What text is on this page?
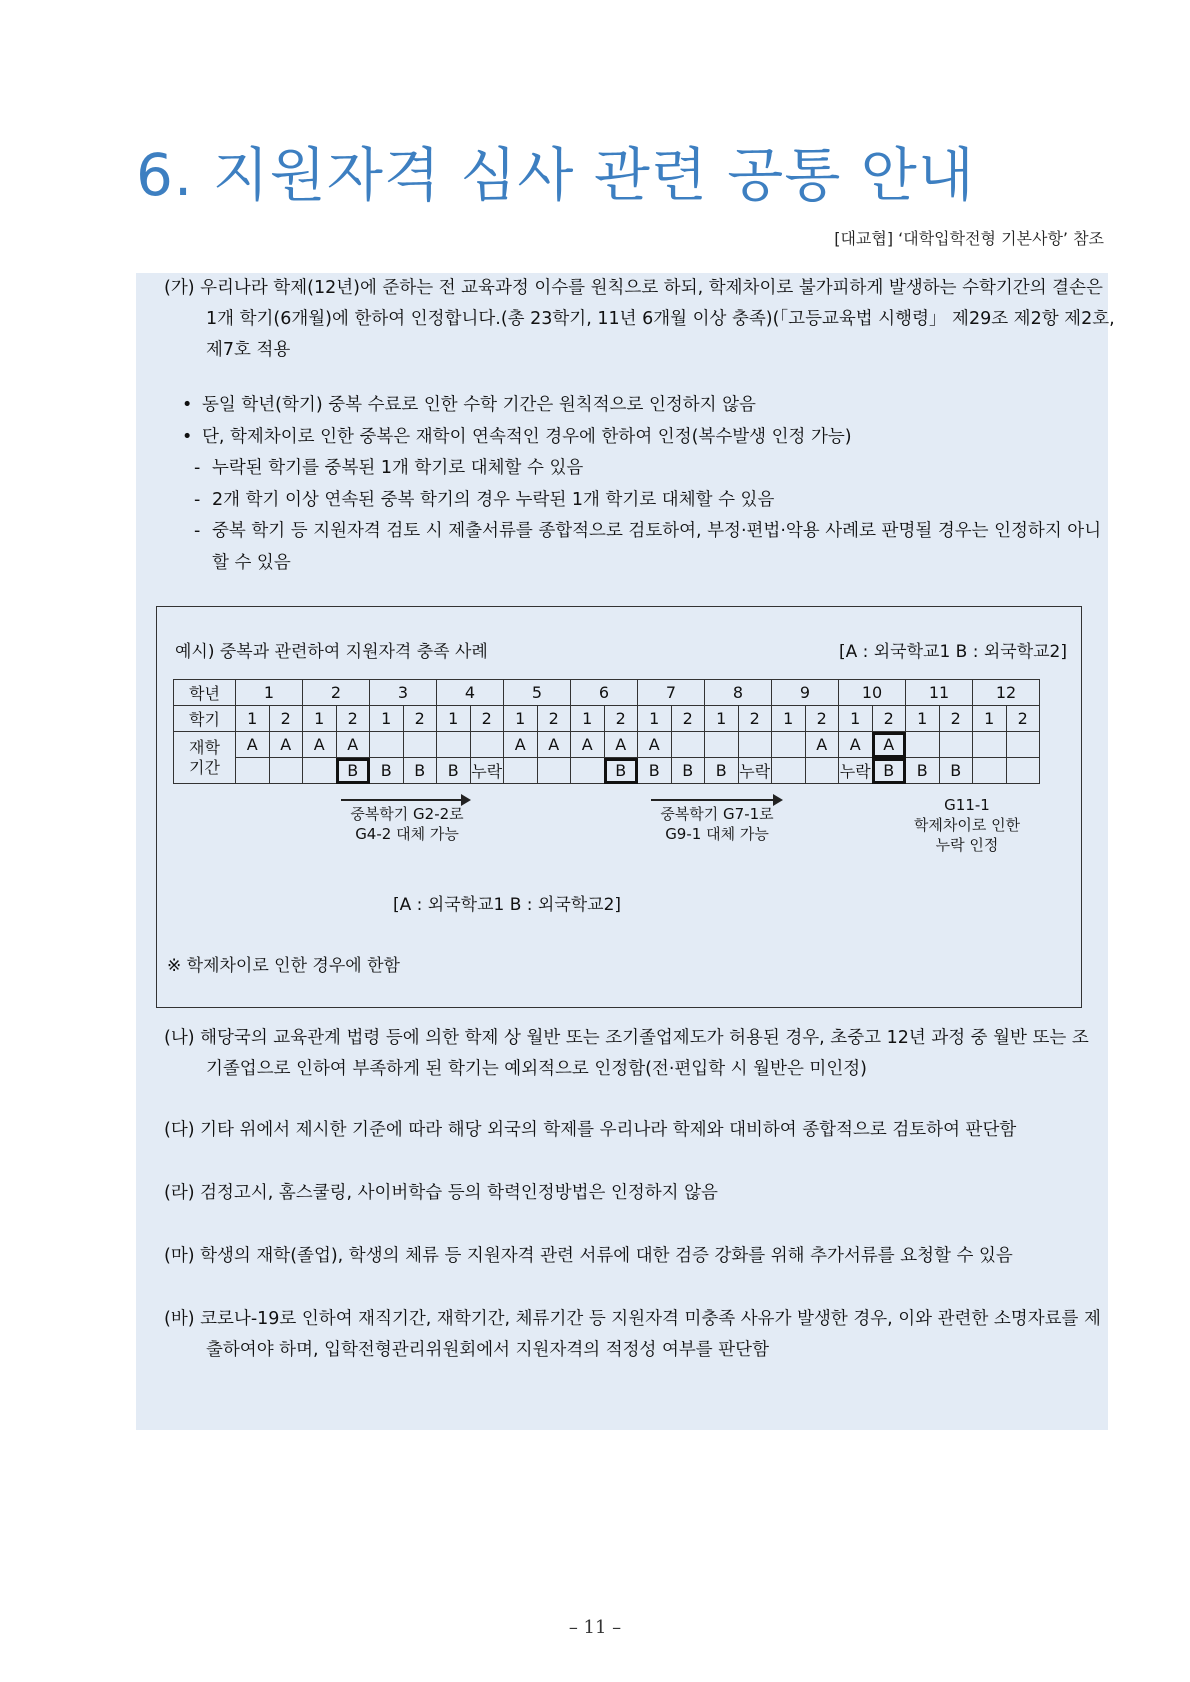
6. 지원자격 심사 관련 공통 안내
[대교협] ‘대학입학전형 기본사항’ 참조
(가) 우리나라 학제(12년)에 준하는 전 교육과정 이수를 원칙으로 하되, 학제차이로 불가피하게 발생하는 수학기간의 결손은
1개 학기(6개월)에 한하여 인정합니다.(총 23학기, 11년 6개월 이상 충족)(「고등교육법 시행령」 제29조 제2항 제2호,
제7호 적용
• 동일 학년(학기) 중복 수료로 인한 수학 기간은 원칙적으로 인정하지 않음
• 단, 학제차이로 인한 중복은 재학이 연속적인 경우에 한하여 인정(복수발생 인정 가능)
- 누락된 학기를 중복된 1개 학기로 대체할 수 있음
- 2개 학기 이상 연속된 중복 학기의 경우 누락된 1개 학기로 대체할 수 있음
- 중복 학기 등 지원자격 검토 시 제출서류를 종합적으로 검토하여, 부정·편법·악용 사례로 판명될 경우는 인정하지 아니
할 수 있음
예시) 중복과 관련하여 지원자격 충족 사례	[A : 외국학교1 B : 외국학교2]
학년	1		2		3		4		5		6		7		8		9		10		11		12	
학기	1	2	1	2	1	2	1	2	1	2	1	2	1	2	1	2	1	2	1	2	1	2	1	2
재학
기간	A	A	A	A					A	A	A	A	A					A	A	A				
				B	B	B	B	누락				B	B	B	B	누락			누락	B	B	B		
중복학기 G2-2로
G4-2 대체 가능
중복학기 G7-1로
G9-1 대체 가능
G11-1
학제차이로 인한
누락 인정
[A : 외국학교1 B : 외국학교2]
※ 학제차이로 인한 경우에 한함
(나) 해당국의 교육관계 법령 등에 의한 학제 상 월반 또는 조기졸업제도가 허용된 경우, 초중고 12년 과정 중 월반 또는 조
기졸업으로 인하여 부족하게 된 학기는 예외적으로 인정함(전·편입학 시 월반은 미인정)
(다) 기타 위에서 제시한 기준에 따라 해당 외국의 학제를 우리나라 학제와 대비하여 종합적으로 검토하여 판단함
(라) 검정고시, 홈스쿨링, 사이버학습 등의 학력인정방법은 인정하지 않음
(마) 학생의 재학(졸업), 학생의 체류 등 지원자격 관련 서류에 대한 검증 강화를 위해 추가서류를 요청할 수 있음
(바) 코로나-19로 인하여 재직기간, 재학기간, 체류기간 등 지원자격 미충족 사유가 발생한 경우, 이와 관련한 소명자료를 제
출하여야 하며, 입학전형관리위원회에서 지원자격의 적정성 여부를 판단함
– 11 –
